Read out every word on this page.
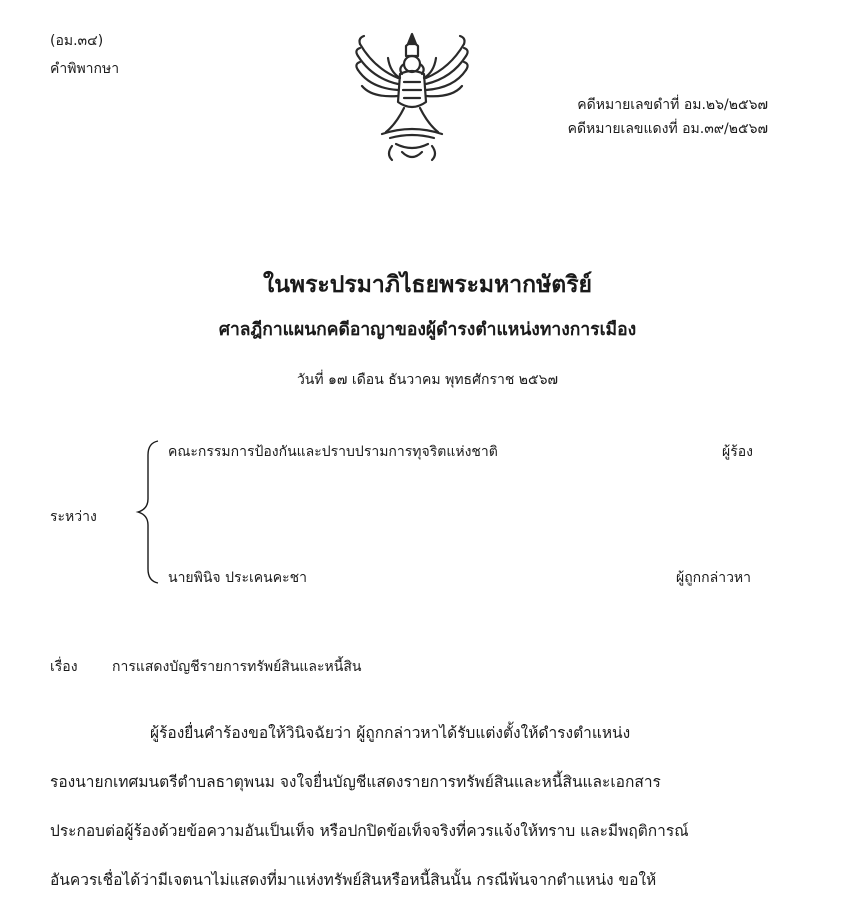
(อม.๓๔)
คำพิพากษา
คดีหมายเลขดำที่ อม.๒๖/๒๕๖๗
คดีหมายเลขแดงที่ อม.๓๙/๒๕๖๗
ในพระปรมาภิไธยพระมหากษัตริย์
ศาลฎีกาแผนกคดีอาญาของผู้ดำรงตำแหน่งทางการเมือง
วันที่ ๑๗ เดือน ธันวาคม พุทธศักราช ๒๕๖๗
คณะกรรมการป้องกันและปราบปรามการทุจริตแห่งชาติ	ผู้ร้อง
ระหว่าง
นายพินิจ ประเคนคะชา	ผู้ถูกกล่าวหา
เรื่อง การแสดงบัญชีรายการทรัพย์สินและหนี้สิน
ผู้ร้องยื่นคำร้องขอให้วินิจฉัยว่า ผู้ถูกกล่าวหาได้รับแต่งตั้งให้ดำรงตำแหน่ง
รองนายกเทศมนตรีตำบลธาตุพนม จงใจยื่นบัญชีแสดงรายการทรัพย์สินและหนี้สินและเอกสาร
ประกอบต่อผู้ร้องด้วยข้อความอันเป็นเท็จ หรือปกปิดข้อเท็จจริงที่ควรแจ้งให้ทราบ และมีพฤติการณ์
อันควรเชื่อได้ว่ามีเจตนาไม่แสดงที่มาแห่งทรัพย์สินหรือหนี้สินนั้น กรณีพ้นจากตำแหน่ง ขอให้
